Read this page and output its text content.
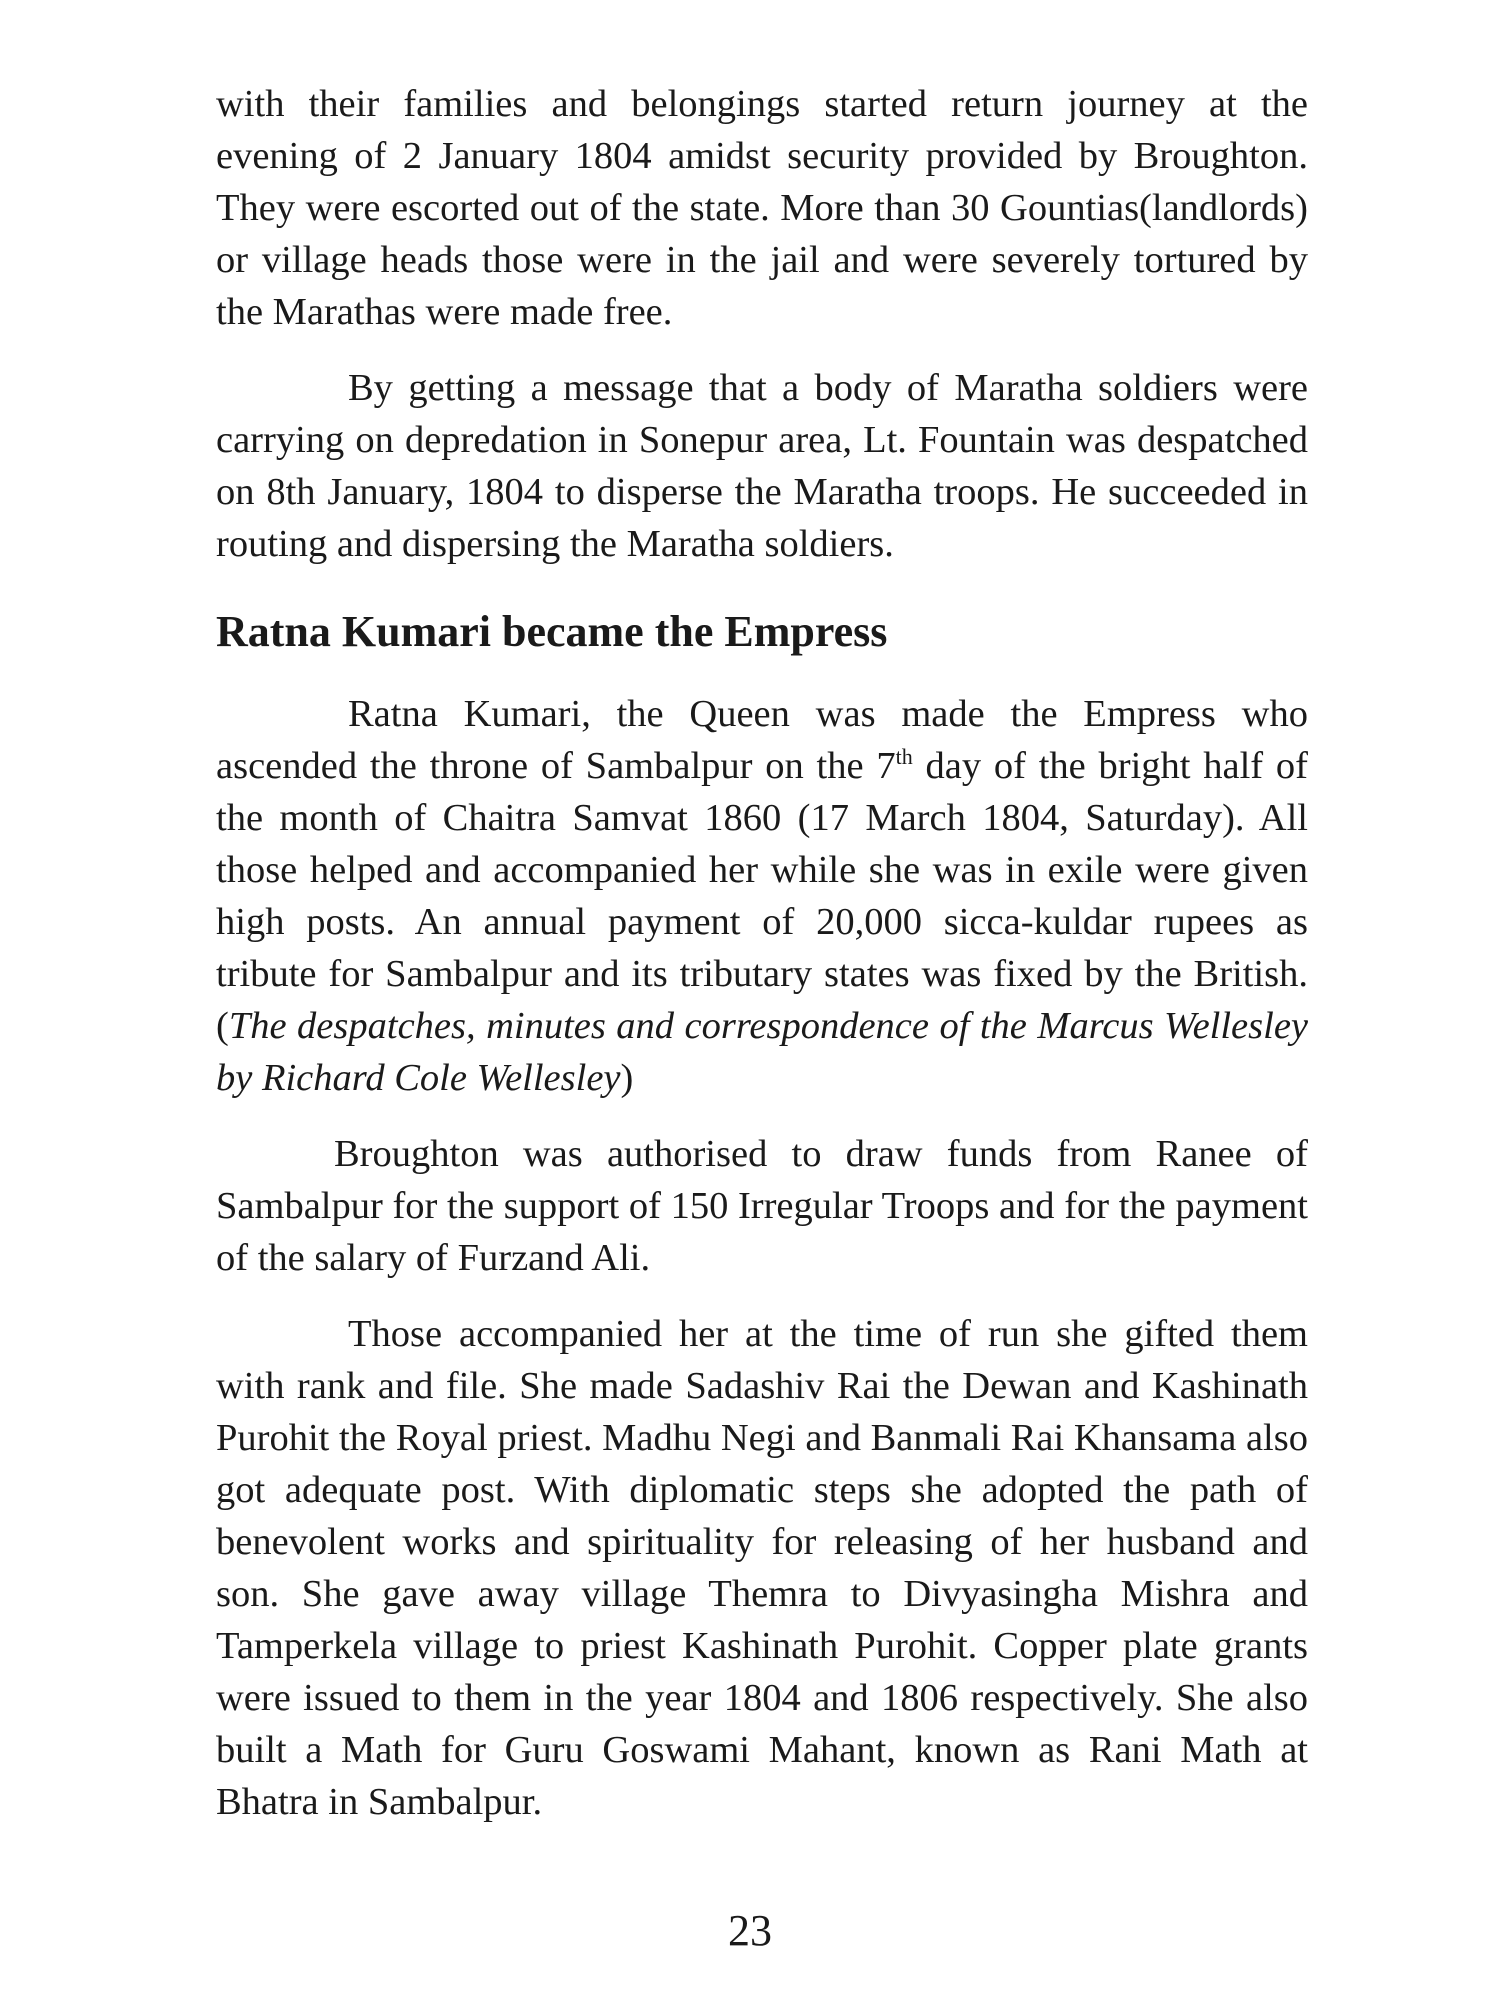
with their families and belongings started return journey at the evening of 2 January 1804 amidst security provided by Broughton. They were escorted out of the state. More than 30 Gountias(landlords) or village heads those were in the jail and were severely tortured by the Marathas were made free.

By getting a message that a body of Maratha soldiers were carrying on depredation in Sonepur area, Lt. Fountain was despatched on 8th January, 1804 to disperse the Maratha troops. He succeeded in routing and dispersing the Maratha soldiers.

Ratna Kumari became the Empress

Ratna Kumari, the Queen was made the Empress who ascended the throne of Sambalpur on the 7th day of the bright half of the month of Chaitra Samvat 1860 (17 March 1804, Saturday). All those helped and accompanied her while she was in exile were given high posts. An annual payment of 20,000 sicca-kuldar rupees as tribute for Sambalpur and its tributary states was fixed by the British. (The despatches, minutes and correspondence of the Marcus Wellesley by Richard Cole Wellesley)

Broughton was authorised to draw funds from Ranee of Sambalpur for the support of 150 Irregular Troops and for the payment of the salary of Furzand Ali.

Those accompanied her at the time of run she gifted them with rank and file. She made Sadashiv Rai the Dewan and Kashinath Purohit the Royal priest. Madhu Negi and Banmali Rai Khansama also got adequate post. With diplomatic steps she adopted the path of benevolent works and spirituality for releasing of her husband and son. She gave away village Themra to Divyasingha Mishra and Tamperkela village to priest Kashinath Purohit. Copper plate grants were issued to them in the year 1804 and 1806 respectively. She also built a Math for Guru Goswami Mahant, known as Rani Math at Bhatra in Sambalpur.

23
